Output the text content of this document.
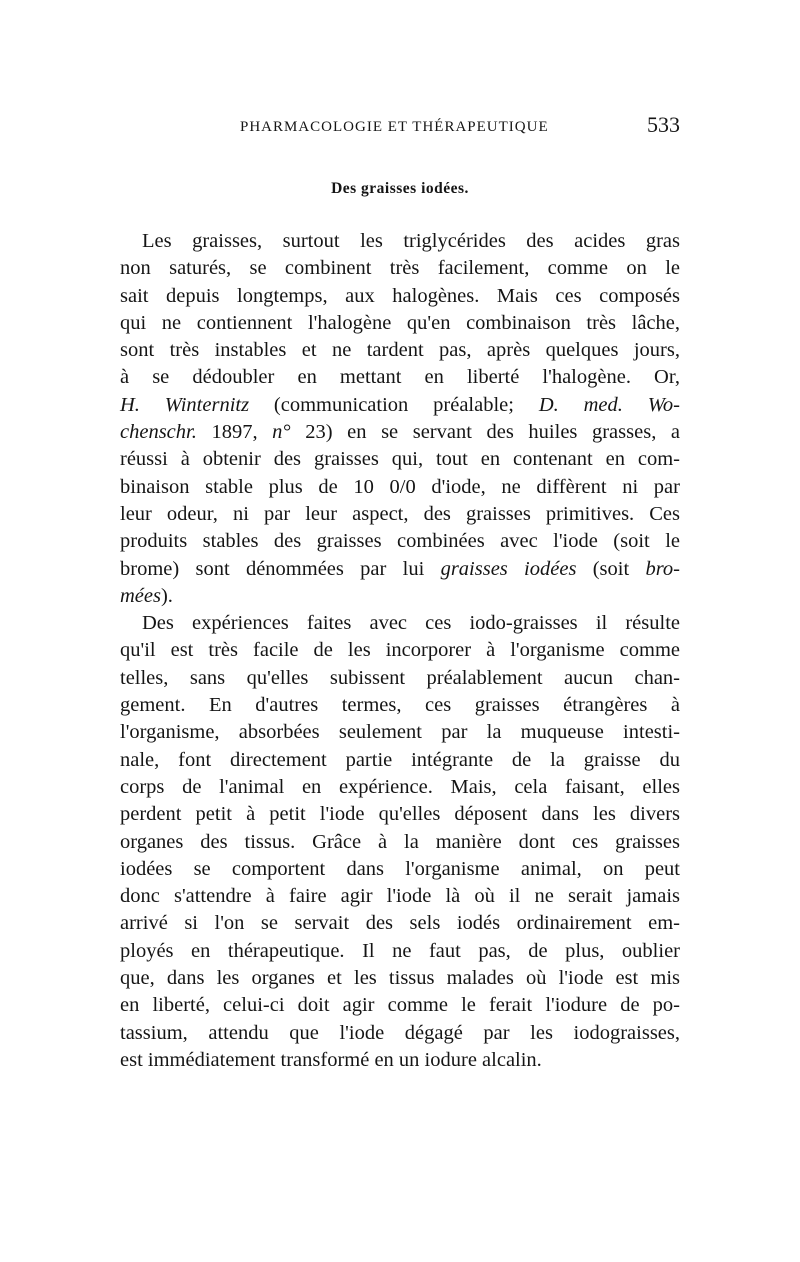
PHARMACOLOGIE ET THÉRAPEUTIQUE	533
Des graisses iodées.
Les graisses, surtout les triglycérides des acides gras
non saturés, se combinent très facilement, comme on le
sait depuis longtemps, aux halogènes. Mais ces composés
qui ne contiennent l'halogène qu'en combinaison très lâche,
sont très instables et ne tardent pas, après quelques jours,
à se dédoubler en mettant en liberté l'halogène. Or,
H. Winternitz (communication préalable; D. med. Wo-
chenschr. 1897, n° 23) en se servant des huiles grasses, a
réussi à obtenir des graisses qui, tout en contenant en com-
binaison stable plus de 10 0/0 d'iode, ne diffèrent ni par
leur odeur, ni par leur aspect, des graisses primitives. Ces
produits stables des graisses combinées avec l'iode (soit le
brome) sont dénommées par lui graisses iodées (soit bro-
mées).
Des expériences faites avec ces iodo-graisses il résulte
qu'il est très facile de les incorporer à l'organisme comme
telles, sans qu'elles subissent préalablement aucun chan-
gement. En d'autres termes, ces graisses étrangères à
l'organisme, absorbées seulement par la muqueuse intesti-
nale, font directement partie intégrante de la graisse du
corps de l'animal en expérience. Mais, cela faisant, elles
perdent petit à petit l'iode qu'elles déposent dans les divers
organes des tissus. Grâce à la manière dont ces graisses
iodées se comportent dans l'organisme animal, on peut
donc s'attendre à faire agir l'iode là où il ne serait jamais
arrivé si l'on se servait des sels iodés ordinairement em-
ployés en thérapeutique. Il ne faut pas, de plus, oublier
que, dans les organes et les tissus malades où l'iode est mis
en liberté, celui-ci doit agir comme le ferait l'iodure de po-
tassium, attendu que l'iode dégagé par les iodograisses,
est immédiatement transformé en un iodure alcalin.
